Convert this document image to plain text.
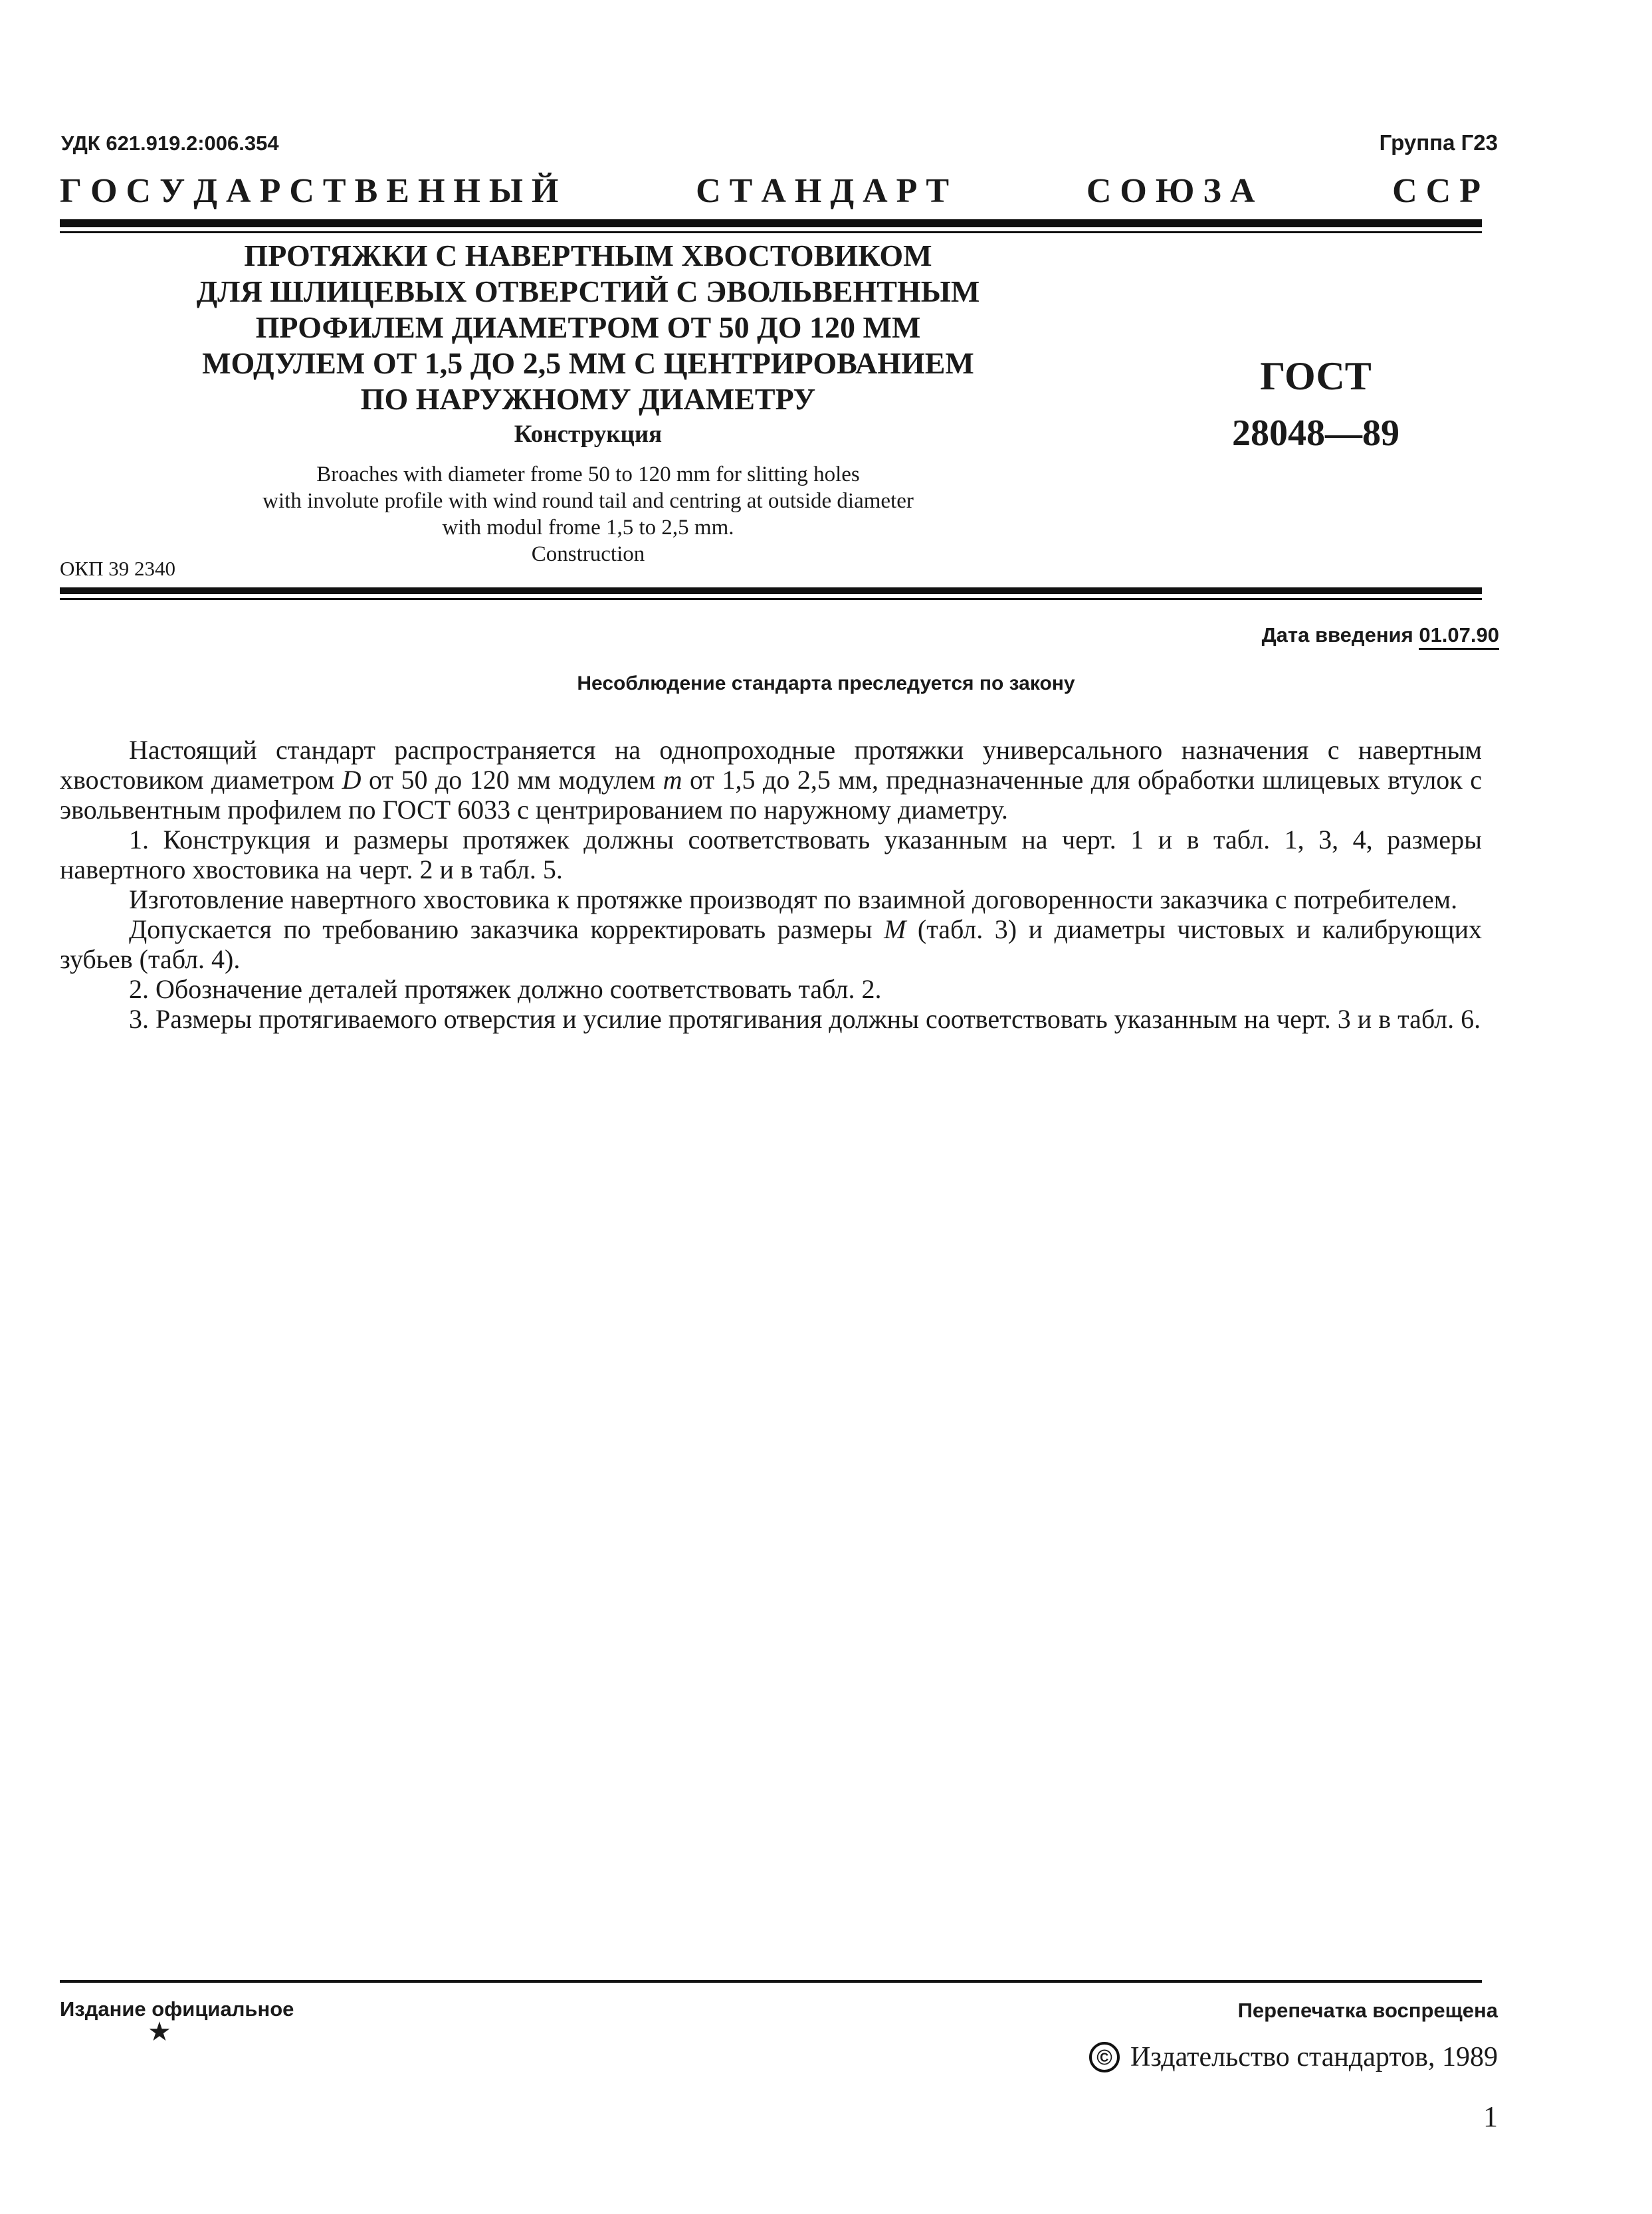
УДК 621.919.2:006.354	Группа Г23
Г О С У Д А Р С Т В Е Н Н Ы Й	С Т А Н Д А Р Т	С О Ю З А	С С Р
ПРОТЯЖКИ С НАВЕРТНЫМ ХВОСТОВИКОМ
ДЛЯ ШЛИЦЕВЫХ ОТВЕРСТИЙ С ЭВОЛЬВЕНТНЫМ
ПРОФИЛЕМ ДИАМЕТРОМ ОТ 50 ДО 120 ММ
МОДУЛЕМ ОТ 1,5 ДО 2,5 ММ С ЦЕНТРИРОВАНИЕМ
ПО НАРУЖНОМУ ДИАМЕТРУ
Конструкция
Broaches with diameter frome 50 to 120 mm for slitting holes
with involute profile with wind round tail and centring at outside diameter
with modul frome 1,5 to 2,5 mm.
Construction
ГОСТ
28048—89
ОКП 39 2340
Дата введения 01.07.90
Несоблюдение стандарта преследуется по закону

Настоящий стандарт распространяется на однопроходные протяжки универсального назначения с навертным хвостовиком диаметром D от 50 до 120 мм модулем m от 1,5 до 2,5 мм, предназначенные для обработки шлицевых втулок с эвольвентным профилем по ГОСТ 6033 с центрированием по наружному диаметру.

1. Конструкция и размеры протяжек должны соответствовать указанным на черт. 1 и в табл. 1, 3, 4, размеры навертного хвостовика на черт. 2 и в табл. 5.

Изготовление навертного хвостовика к протяжке производят по взаимной договоренности заказчика с потребителем.

Допускается по требованию заказчика корректировать размеры M (табл. 3) и диаметры чистовых и калибрующих зубьев (табл. 4).

2. Обозначение деталей протяжек должно соответствовать табл. 2.

3. Размеры протягиваемого отверстия и усилие протягивания должны соответствовать указанным на черт. 3 и в табл. 6.

Издание официальное
★
Перепечатка воспрещена
© Издательство стандартов, 1989
1
